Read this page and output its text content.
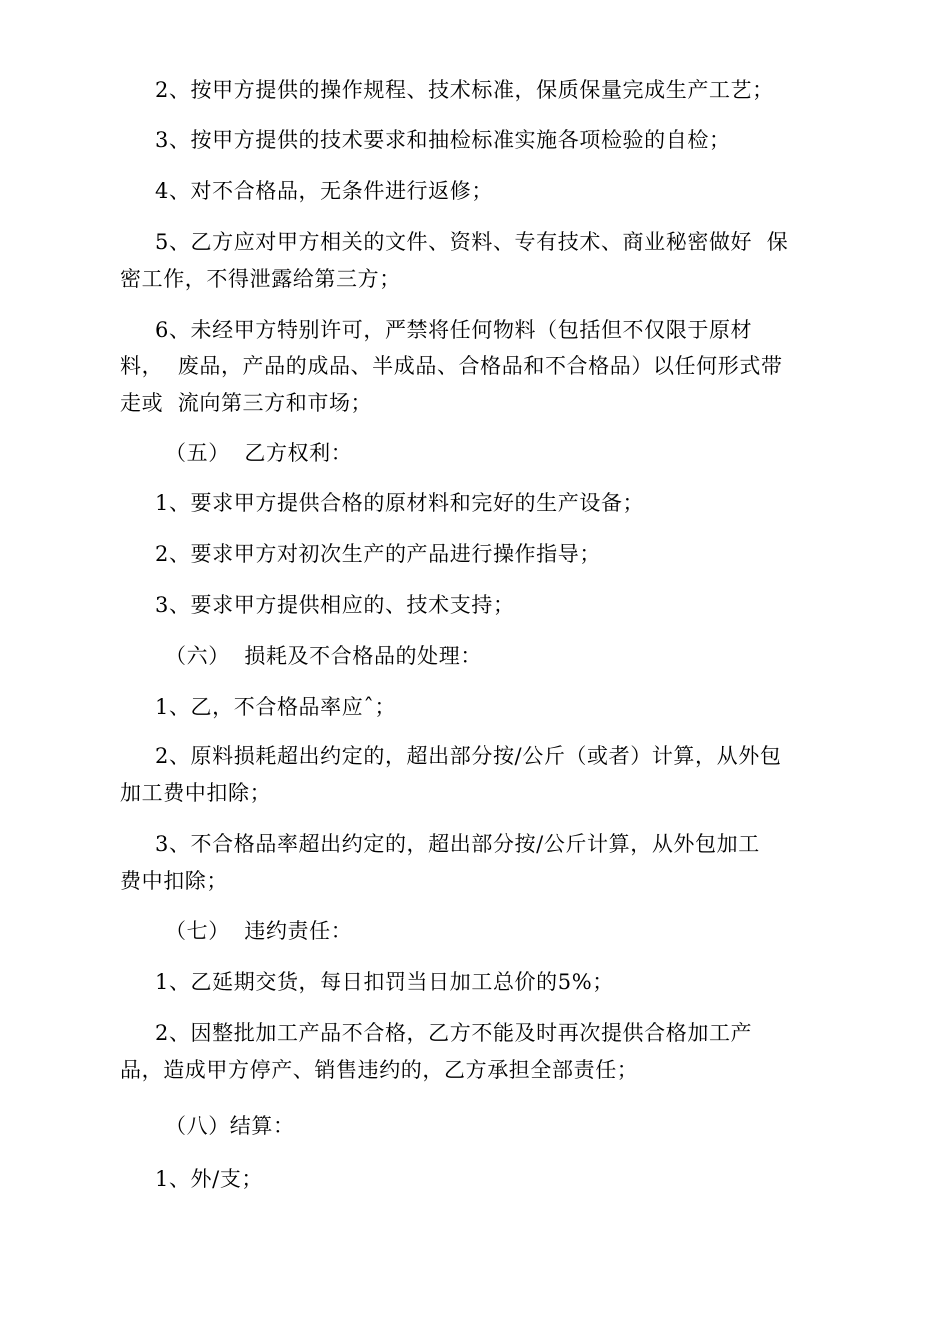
2、按甲方提供的操作规程、技术标准，保质保量完成生产工艺；
3、按甲方提供的技术要求和抽检标准实施各项检验的自检；
4、对不合格品，无条件进行返修；
5、乙方应对甲方相关的文件、资料、专有技术、商业秘密做好  保
密工作，不得泄露给第三方；
6、未经甲方特别许可，严禁将任何物料（包括但不仅限于原材
料，  废品，产品的成品、半成品、合格品和不合格品）以任何形式带
走或  流向第三方和市场；
（五）  乙方权利：
1、要求甲方提供合格的原材料和完好的生产设备；
2、要求甲方对初次生产的产品进行操作指导；
3、要求甲方提供相应的、技术支持；
（六）  损耗及不合格品的处理：
1、乙，不合格品率应ˆ；
2、原料损耗超出约定的，超出部分按/公斤（或者）计算，从外包
加工费中扣除；
3、不合格品率超出约定的，超出部分按/公斤计算，从外包加工
费中扣除；
（七）  违约责任：
1、乙延期交货，每日扣罚当日加工总价的5%；
2、因整批加工产品不合格，乙方不能及时再次提供合格加工产
品，造成甲方停产、销售违约的，乙方承担全部责任；
（八）结算：
1、外/支；
